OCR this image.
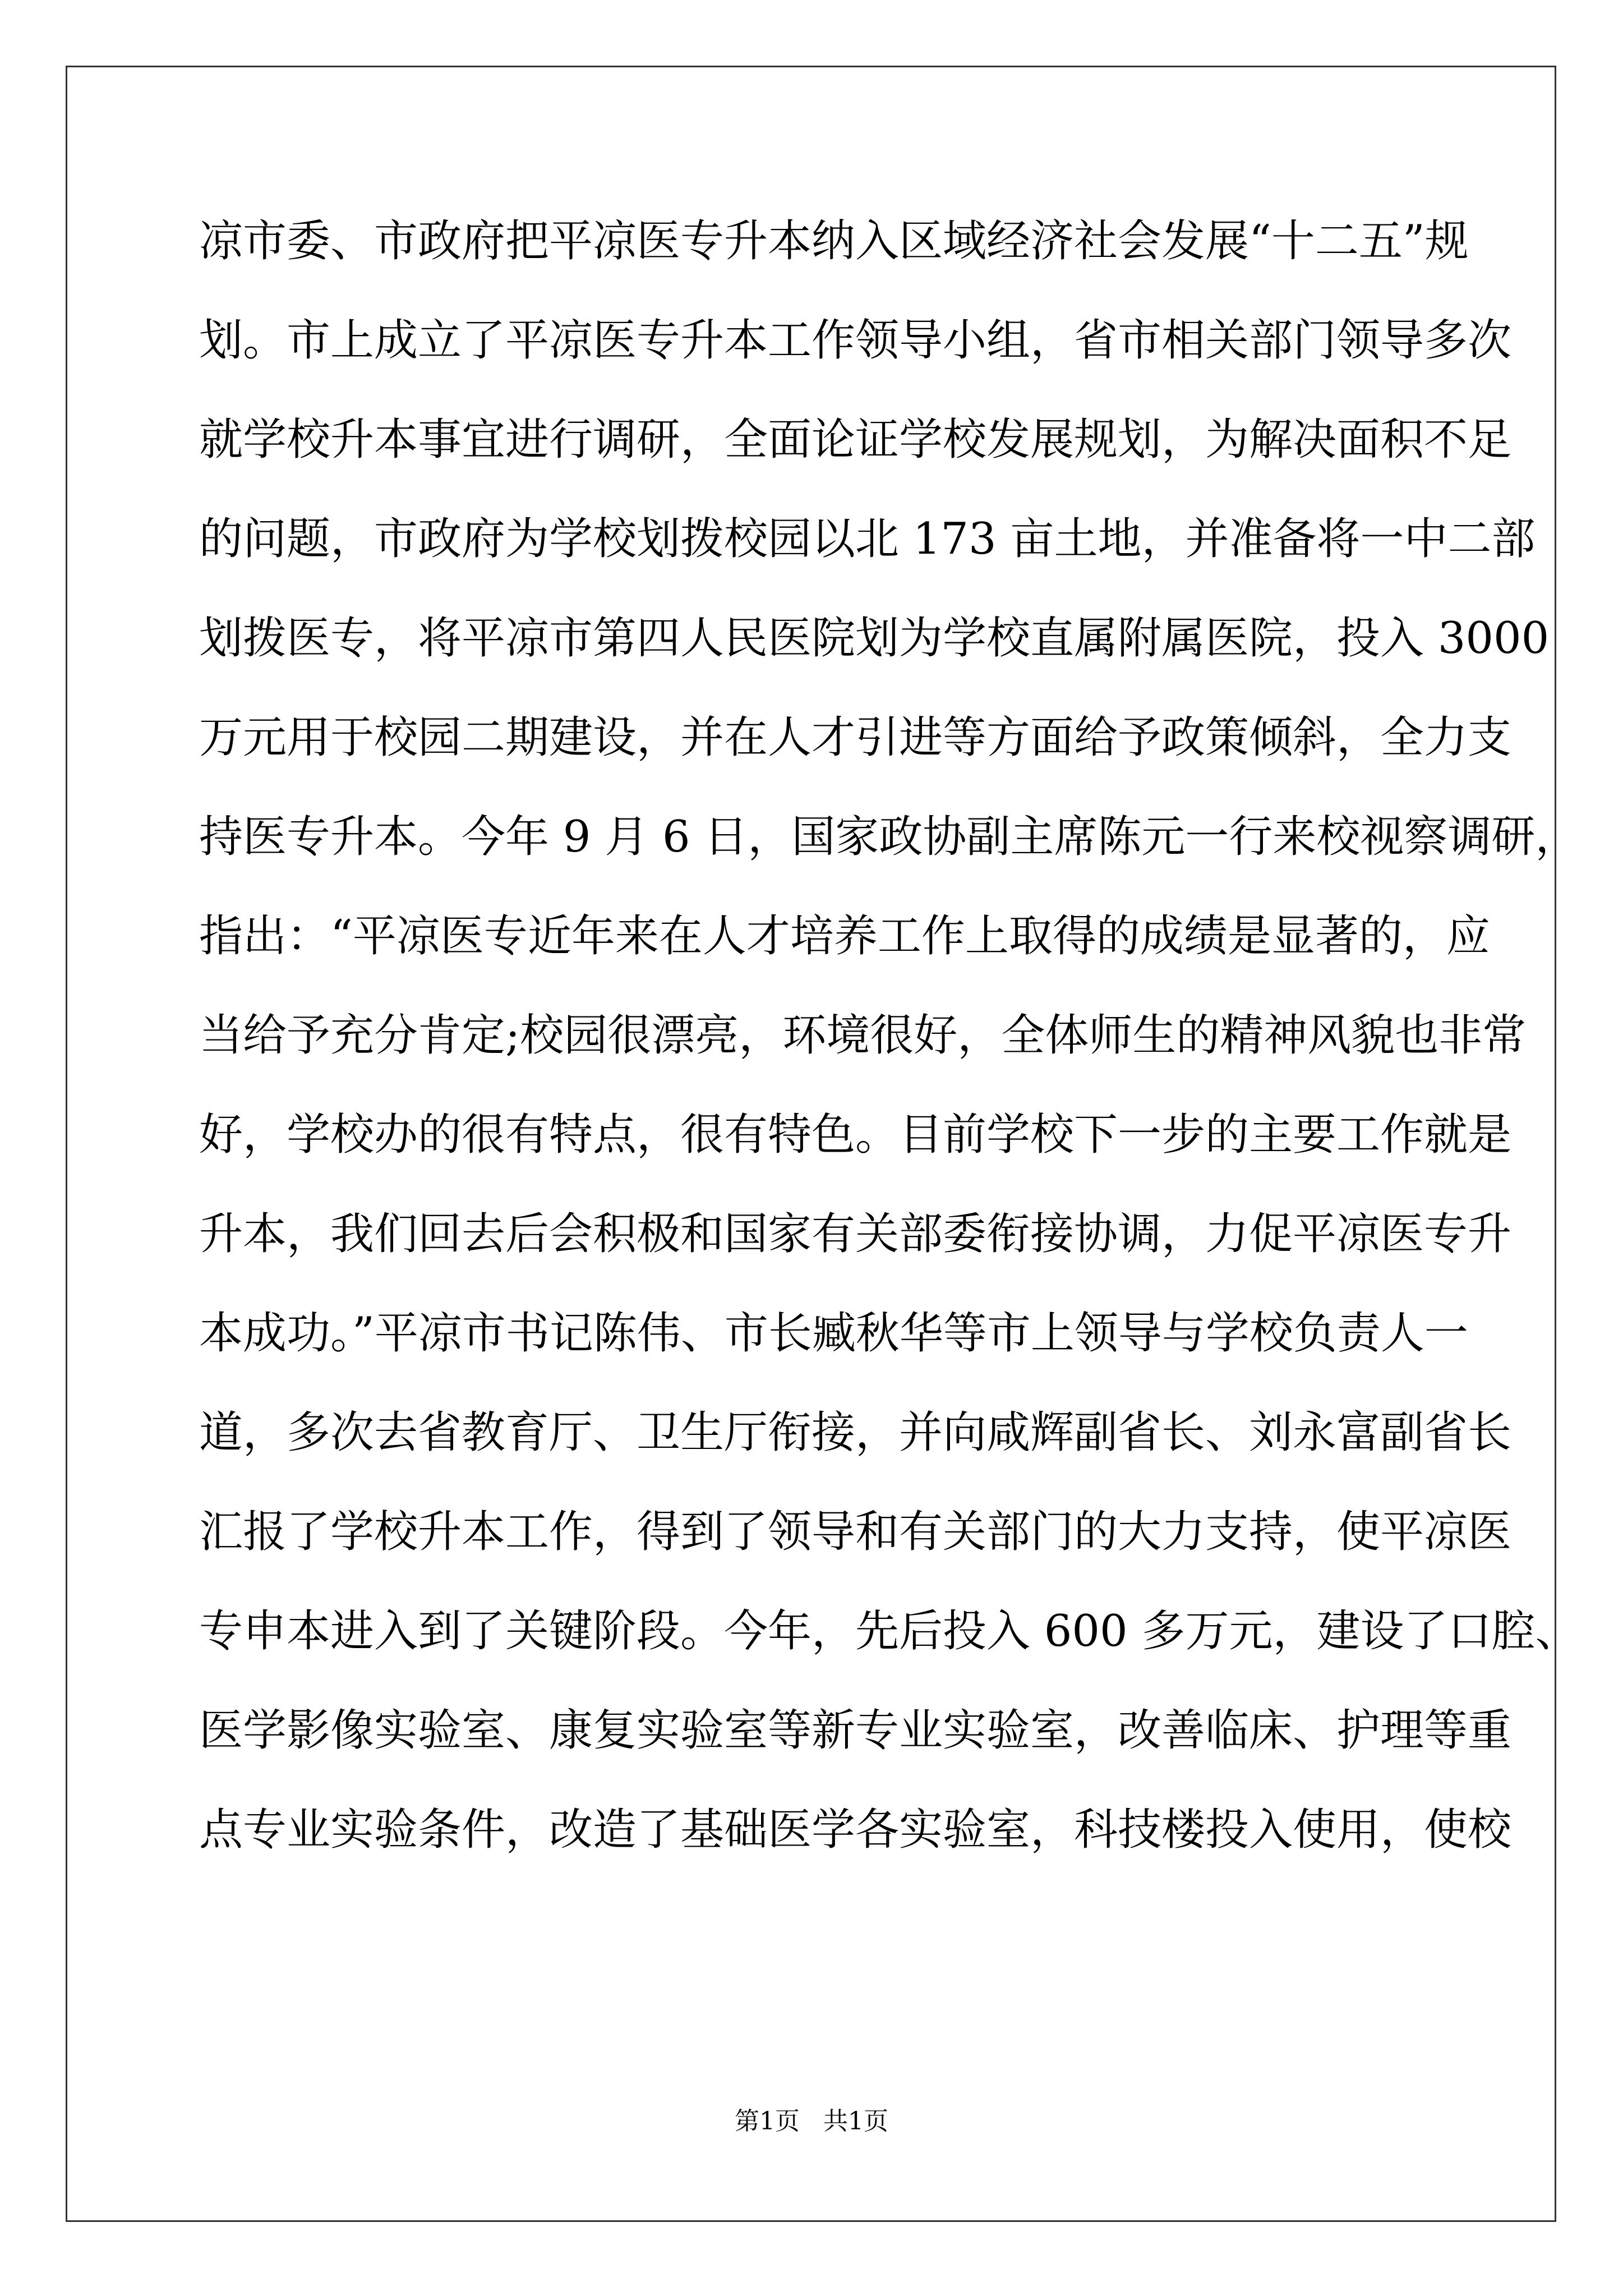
凉市委、市政府把平凉医专升本纳入区域经济社会发展“十二五”规
划。市上成立了平凉医专升本工作领导小组，省市相关部门领导多次
就学校升本事宜进行调研，全面论证学校发展规划，为解决面积不足
的问题，市政府为学校划拨校园以北 173 亩土地，并准备将一中二部
划拨医专，将平凉市第四人民医院划为学校直属附属医院，投入 3000
万元用于校园二期建设，并在人才引进等方面给予政策倾斜，全力支
持医专升本。今年 9 月 6 日，国家政协副主席陈元一行来校视察调研，
指出：“平凉医专近年来在人才培养工作上取得的成绩是显著的，应
当给予充分肯定;校园很漂亮，环境很好，全体师生的精神风貌也非常
好，学校办的很有特点，很有特色。目前学校下一步的主要工作就是
升本，我们回去后会积极和国家有关部委衔接协调，力促平凉医专升
本成功。”平凉市书记陈伟、市长臧秋华等市上领导与学校负责人一
道，多次去省教育厅、卫生厅衔接，并向咸辉副省长、刘永富副省长
汇报了学校升本工作，得到了领导和有关部门的大力支持，使平凉医
专申本进入到了关键阶段。今年，先后投入 600 多万元，建设了口腔、
医学影像实验室、康复实验室等新专业实验室，改善临床、护理等重
点专业实验条件，改造了基础医学各实验室，科技楼投入使用，使校
第1页   共1页
